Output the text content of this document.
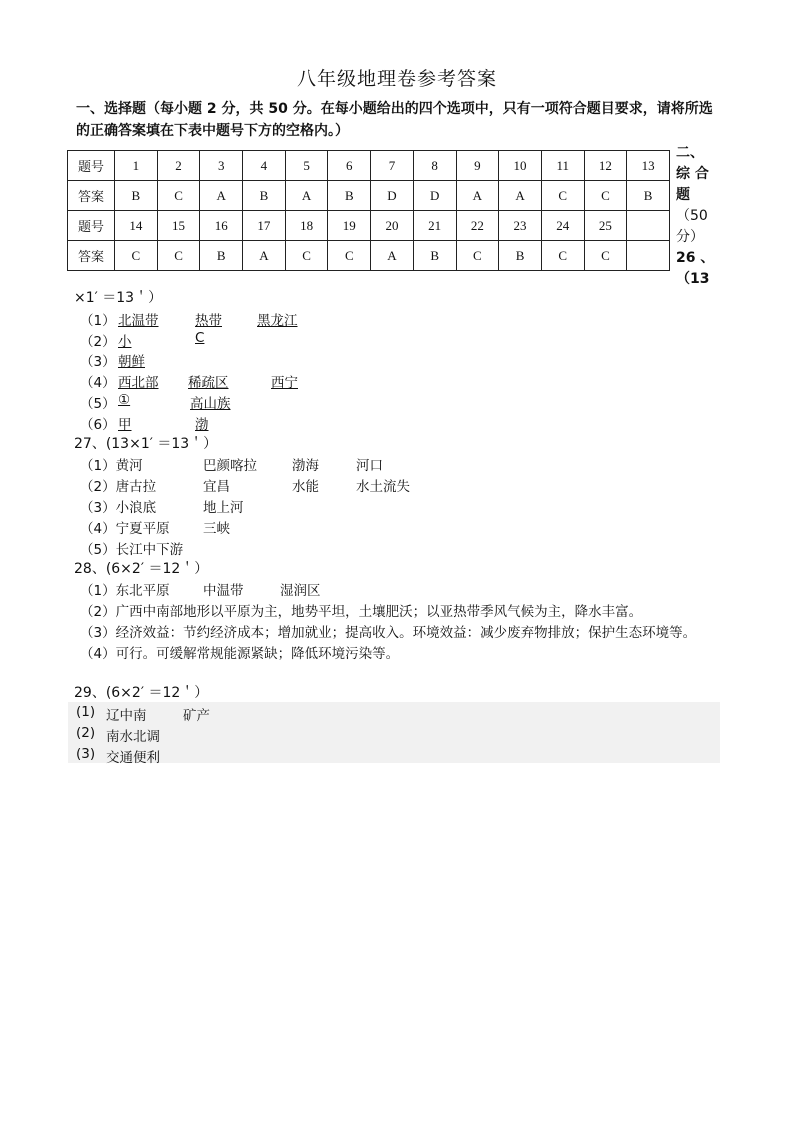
八年级地理卷参考答案
一、选择题（每小题 2 分，共 50 分。在每小题给出的四个选项中，只有一项符合题目要求，请将所选的正确答案填在下表中题号下方的空格内。）
题号	1	2	3	4	5	6	7	8	9	10	11	12	13
答案	B	C	A	B	A	B	D	D	A	A	C	C	B
题号	14	15	16	17	18	19	20	21	22	23	24	25	
答案	C	C	B	A	C	C	A	B	C	B	C	C	
二、
综 合
题
（50
分）
26 、
（13
×1′ ＝13＇）
（1） 北温带	热带	黑龙江
（2） 小	C
（3） 朝鲜
（4） 西北部 稀疏区	西宁
（5） ①	高山族
（6） 甲	渤
27、(13×1′ ＝13＇）
（1）黄河	巴颜喀拉	渤海	河口
（2）唐古拉	宜昌	水能	水土流失
（3）小浪底	地上河
（4）宁夏平原 三峡
（5）长江中下游
28、(6×2′ ＝12＇）
（1）东北平原 中温带	湿润区
（2）广西中南部地形以平原为主，地势平坦，土壤肥沃；以亚热带季风气候为主，降水丰富。
（3）经济效益：节约经济成本；增加就业；提高收入。环境效益：减少废弃物排放；保护生态环境等。
（4）可行。可缓解常规能源紧缺；降低环境污染等。
29、(6×2′ ＝12＇）
(1) 辽中南	矿产
(2) 南水北调
(3) 交通便利
